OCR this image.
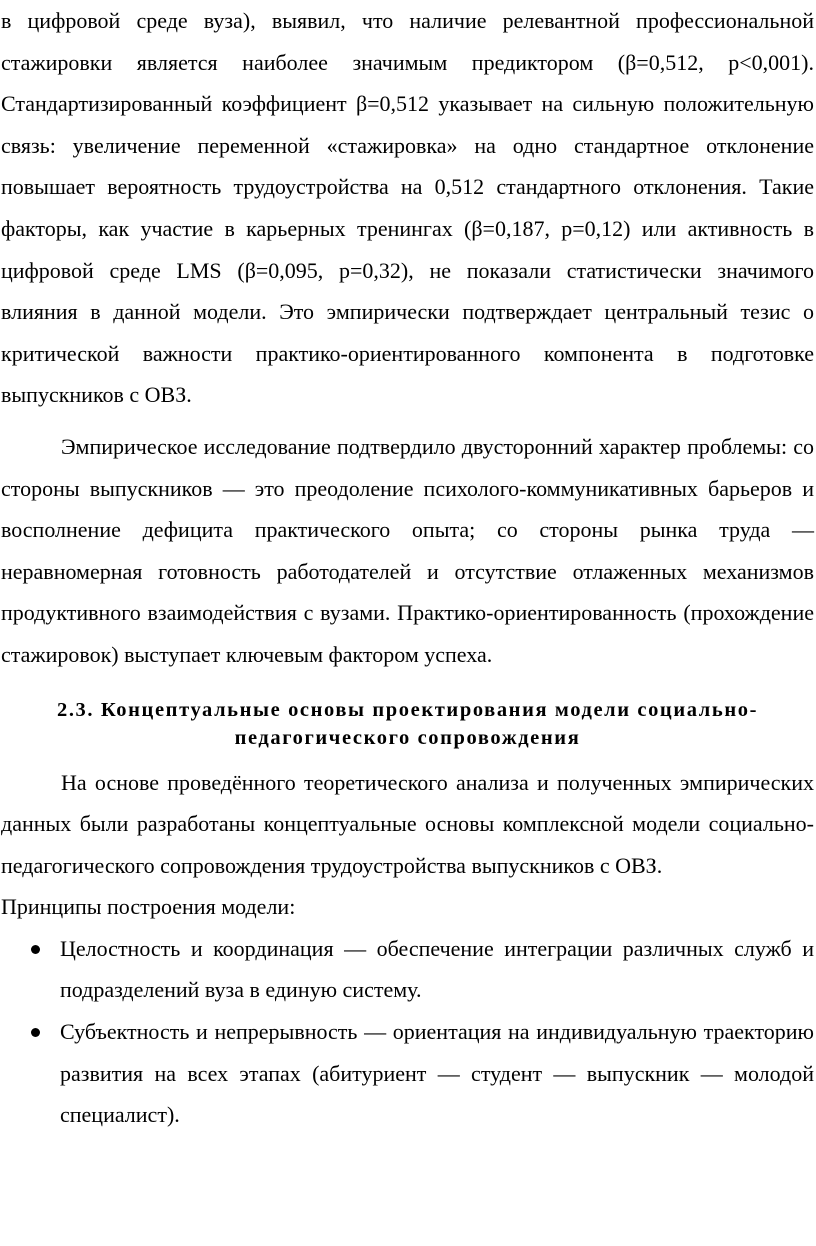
в цифровой среде вуза), выявил, что наличие релевантной профессиональной стажировки является наиболее значимым предиктором (β=0,512, p<0,001). Стандартизированный коэффициент β=0,512 указывает на сильную положительную связь: увеличение переменной «стажировка» на одно стандартное отклонение повышает вероятность трудоустройства на 0,512 стандартного отклонения. Такие факторы, как участие в карьерных тренингах (β=0,187, p=0,12) или активность в цифровой среде LMS (β=0,095, p=0,32), не показали статистически значимого влияния в данной модели. Это эмпирически подтверждает центральный тезис о критической важности практико-ориентированного компонента в подготовке выпускников с ОВЗ.

Эмпирическое исследование подтвердило двусторонний характер проблемы: со стороны выпускников — это преодоление психолого-коммуникативных барьеров и восполнение дефицита практического опыта; со стороны рынка труда — неравномерная готовность работодателей и отсутствие отлаженных механизмов продуктивного взаимодействия с вузами. Практико-ориентированность (прохождение стажировок) выступает ключевым фактором успеха.

2.3. Концептуальные основы проектирования модели социально-педагогического сопровождения

На основе проведённого теоретического анализа и полученных эмпирических данных были разработаны концептуальные основы комплексной модели социально-педагогического сопровождения трудоустройства выпускников с ОВЗ.

Принципы построения модели:

Целостность и координация — обеспечение интеграции различных служб и подразделений вуза в единую систему.
Субъектность и непрерывность — ориентация на индивидуальную траекторию развития на всех этапах (абитуриент — студент — выпускник — молодой специалист).
